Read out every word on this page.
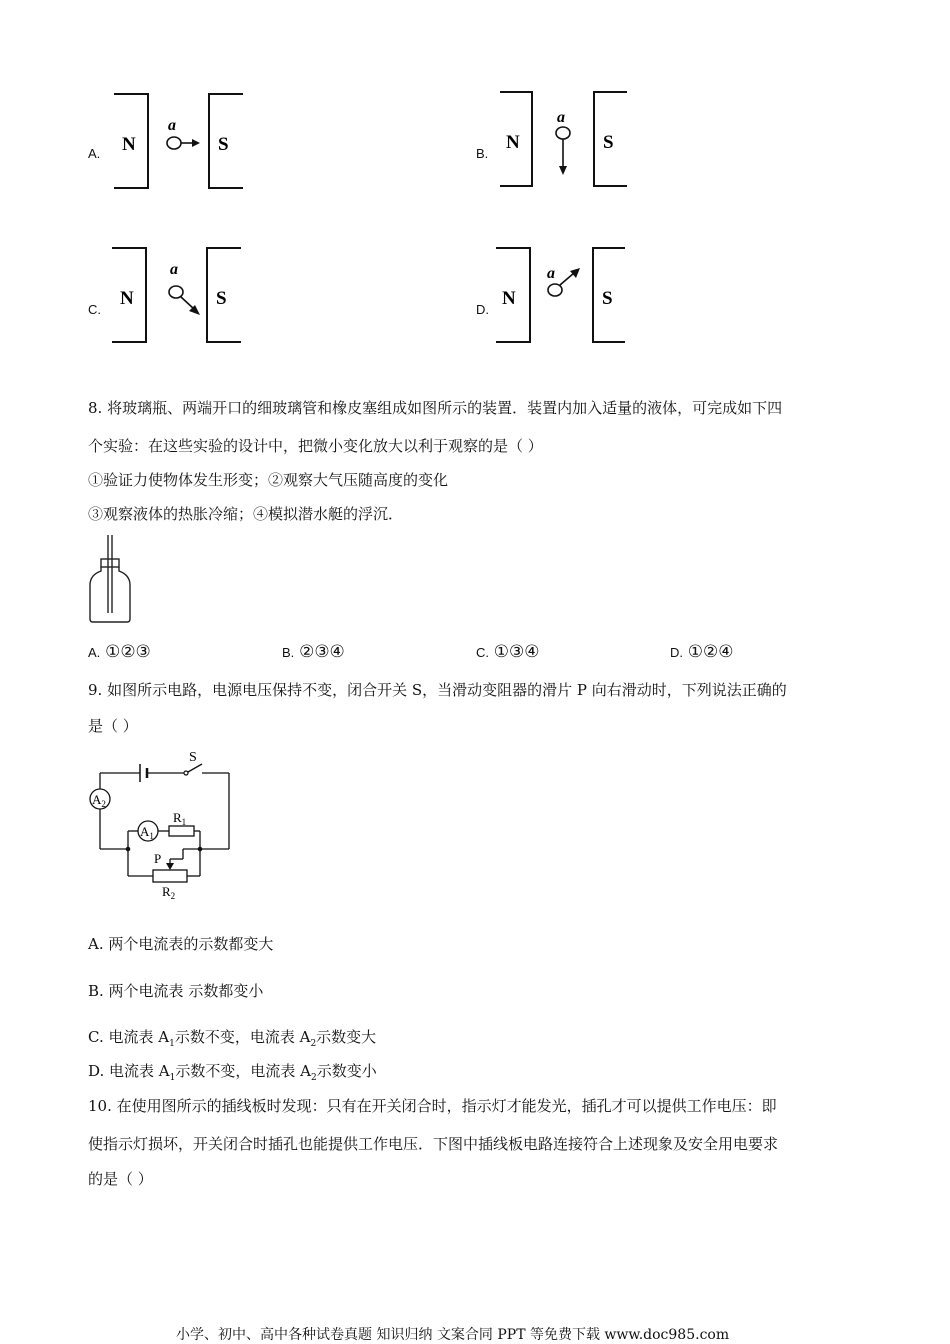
A. N	S
a
B.
N	S
a
C.
N	S
a
D.
N	S
a
8. 将玻璃瓶、两端开口的细玻璃管和橡皮塞组成如图所示的装置．装置内加入适量的液体，可完成如下四
个实验：在这些实验的设计中，把微小变化放大以利于观察的是（ ）
①验证力使物体发生形变；②观察大气压随高度的变化
③观察液体的热胀冷缩；④模拟潜水艇的浮沉．
A. ①②③	B. ②③④	C. ①③④	D. ①②④
9. 如图所示电路，电源电压保持不变，闭合开关 S，当滑动变阻器的滑片 P 向右滑动时，下列说法正确的
是（ ）
S
$A_2$
$A_1$
$R_1$
$R_2$
P
A. 两个电流表的示数都变大
B. 两个电流表 示数都变小
C. 电流表 $A_1$示数不变，电流表 $A_2$示数变大
D. 电流表 $A_1$示数不变，电流表 $A_2$示数变小
10. 在使用图所示的插线板时发现：只有在开关闭合时，指示灯才能发光，插孔才可以提供工作电压：即
使指示灯损坏，开关闭合时插孔也能提供工作电压．下图中插线板电路连接符合上述现象及安全用电要求
的是（ ）
小学、初中、高中各种试卷真题 知识归纳 文案合同 PPT 等免费下载 www.doc985.com
